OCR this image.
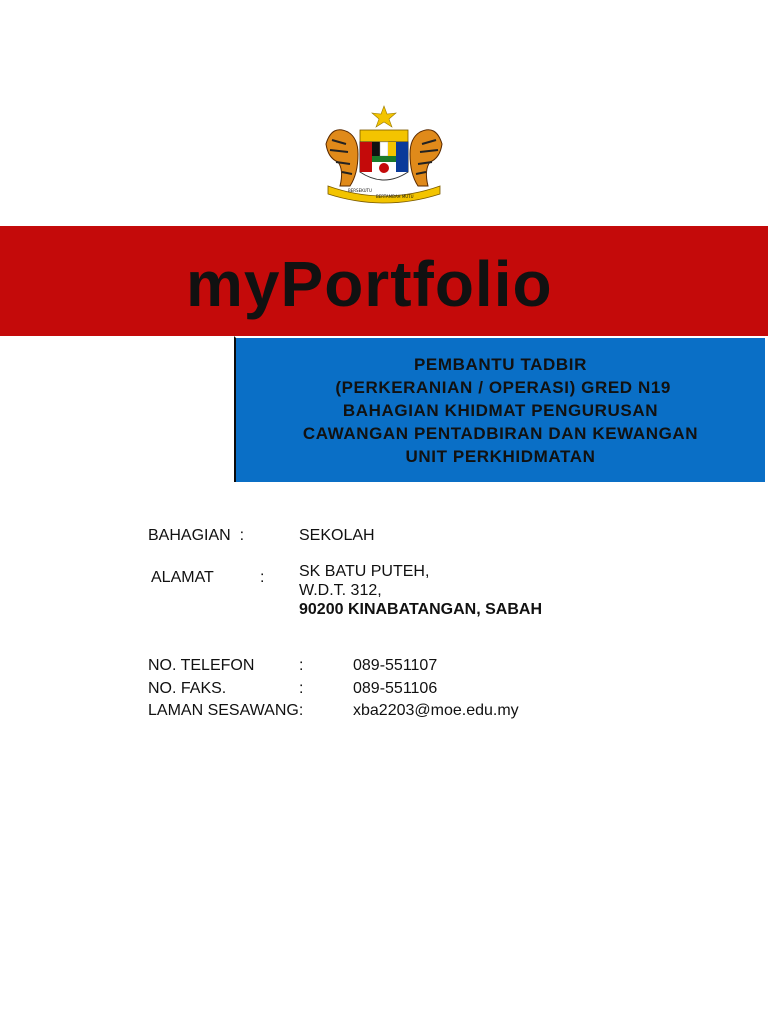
BERSEKUTU
BERTAMBAH MUTU
myPortfolio
PEMBANTU TADBIR
(PERKERANIAN / OPERASI) GRED N19
BAHAGIAN KHIDMAT PENGURUSAN
CAWANGAN PENTADBIRAN DAN KEWANGAN
UNIT PERKHIDMATAN
BAHAGIAN  :	SEKOLAH
ALAMAT	: SK BATU PUTEH,
W.D.T. 312,
90200 KINABATANGAN, SABAH
NO. TELEFON	:	089-551107
NO. FAKS.	:	089-551106
LAMAN SESAWANG:	xba2203@moe.edu.my
